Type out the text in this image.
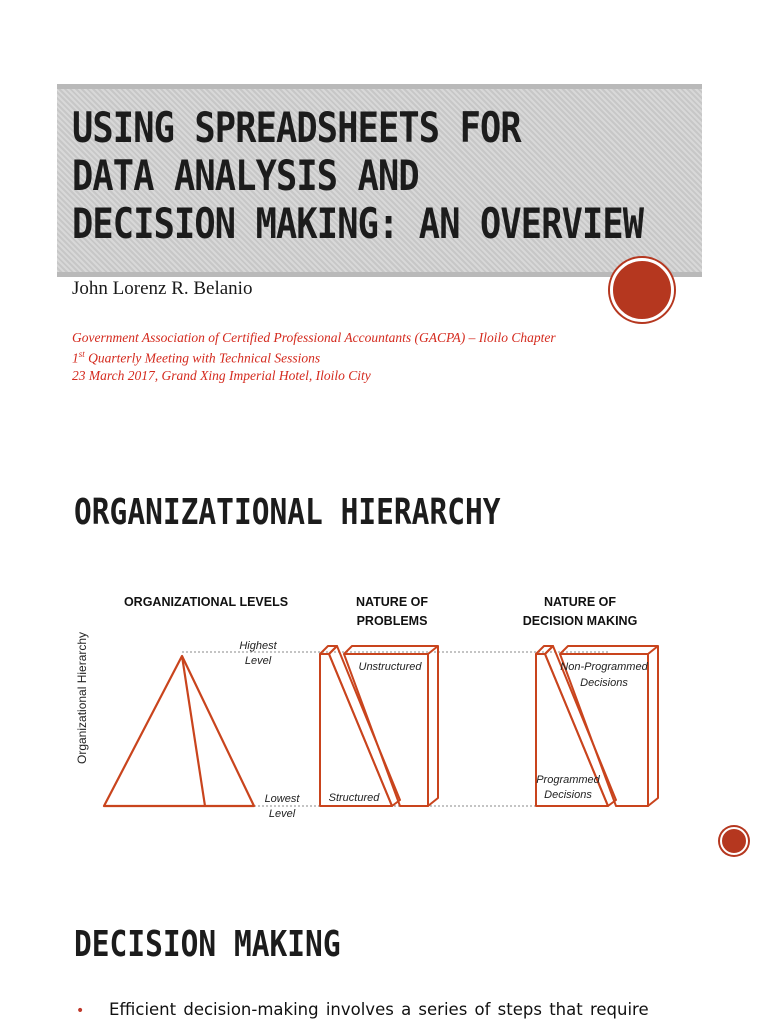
USING SPREADSHEETS FOR
DATA ANALYSIS AND
DECISION MAKING: AN OVERVIEW
John Lorenz R. Belanio
Government Association of Certified Professional Accountants (GACPA) – Iloilo Chapter
1st Quarterly Meeting with Technical Sessions
23 March 2017, Grand Xing Imperial Hotel, Iloilo City
ORGANIZATIONAL HIERARCHY
Organizational Hierarchy
ORGANIZATIONAL LEVELS	NATURE OF
PROBLEMS
NATURE OF
DECISION MAKING
Highest
Level
Lowest
Level
Unstructured
Structured
Non-Programmed
Decisions
Programmed
Decisions
DECISION MAKING
• Efficient decision-making involves a series of steps that require
